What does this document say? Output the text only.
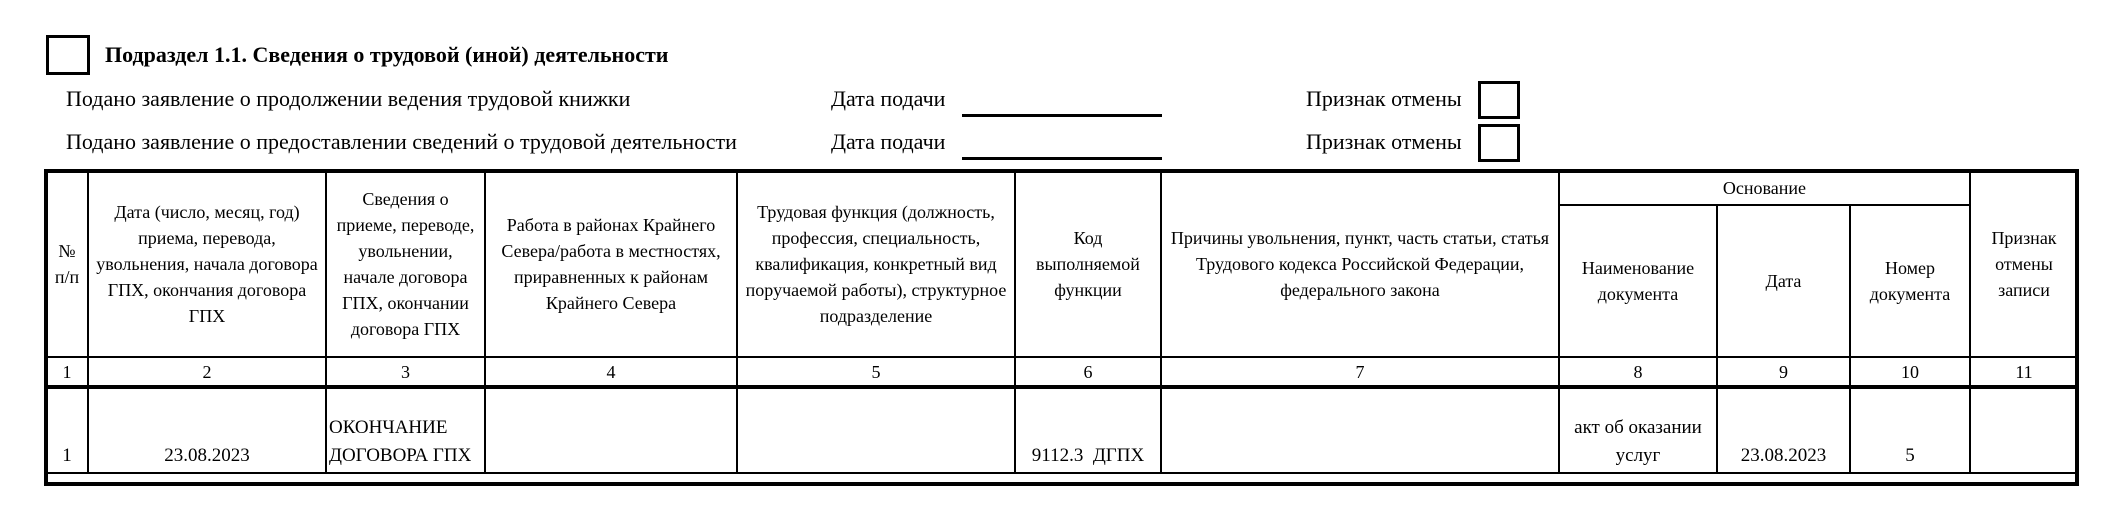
Подраздел 1.1. Сведения о трудовой (иной) деятельности
Подано заявление о продолжении ведения трудовой книжки	Дата подачи	Признак отмены
Подано заявление о предоставлении сведений о трудовой деятельности	Дата подачи	Признак отмены
№ п/п	Дата (число, месяц, год) приема, перевода, увольнения, начала договора ГПХ, окончания договора ГПХ	Сведения о приеме, переводе, увольнении, начале договора ГПХ, окончании договора ГПХ	Работа в районах Крайнего Севера/работа в местностях, приравненных к районам Крайнего Севера	Трудовая функция (должность, профессия, специальность, квалификация, конкретный вид поручаемой работы), структурное подразделение	Код выполняемой функции	Причины увольнения, пункт, часть статьи, статья Трудового кодекса Российской Федерации, федерального закона	Основание			Признак отмены записи
							Наименование документа	Дата	Номер документа	
1	2	3	4	5	6	7	8	9	10	11
1	23.08.2023	ОКОНЧАНИЕ
ДОГОВОРА ГПХ			9112.3  ДГПХ		акт об оказании услуг	23.08.2023	5	
